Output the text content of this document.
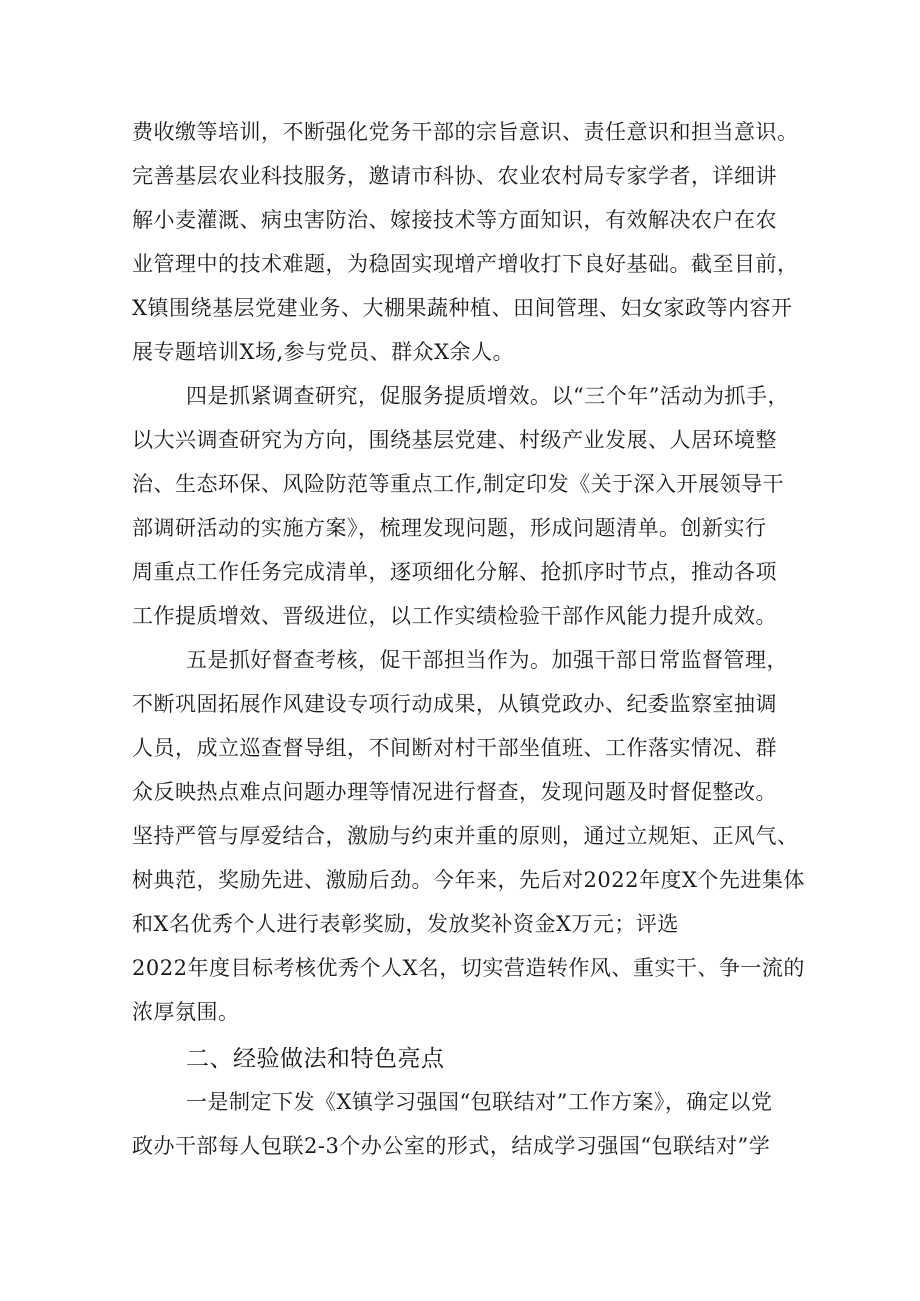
费收缴等培训，不断强化党务干部的宗旨意识、责任意识和担当意识。
完善基层农业科技服务，邀请市科协、农业农村局专家学者，详细讲
解小麦灌溉、病虫害防治、嫁接技术等方面知识，有效解决农户在农
业管理中的技术难题，为稳固实现增产增收打下良好基础。截至目前，
X镇围绕基层党建业务、大棚果蔬种植、田间管理、妇女家政等内容开
展专题培训X场,参与党员、群众X余人。
四是抓紧调查研究，促服务提质增效。以“三个年”活动为抓手，
以大兴调查研究为方向，围绕基层党建、村级产业发展、人居环境整
治、生态环保、风险防范等重点工作,制定印发《关于深入开展领导干
部调研活动的实施方案》，梳理发现问题，形成问题清单。创新实行
周重点工作任务完成清单，逐项细化分解、抢抓序时节点，推动各项
工作提质增效、晋级进位，以工作实绩检验干部作风能力提升成效。
五是抓好督查考核，促干部担当作为。加强干部日常监督管理，
不断巩固拓展作风建设专项行动成果，从镇党政办、纪委监察室抽调
人员，成立巡查督导组，不间断对村干部坐值班、工作落实情况、群
众反映热点难点问题办理等情况进行督查，发现问题及时督促整改。
坚持严管与厚爱结合，激励与约束并重的原则，通过立规矩、正风气、
树典范，奖励先进、激励后劲。今年来，先后对2022年度X个先进集体
和X名优秀个人进行表彰奖励，发放奖补资金X万元；评选
2022年度目标考核优秀个人X名，切实营造转作风、重实干、争一流的
浓厚氛围。
二、经验做法和特色亮点
一是制定下发《X镇学习强国“包联结对”工作方案》，确定以党
政办干部每人包联2-3个办公室的形式，结成学习强国“包联结对”学
